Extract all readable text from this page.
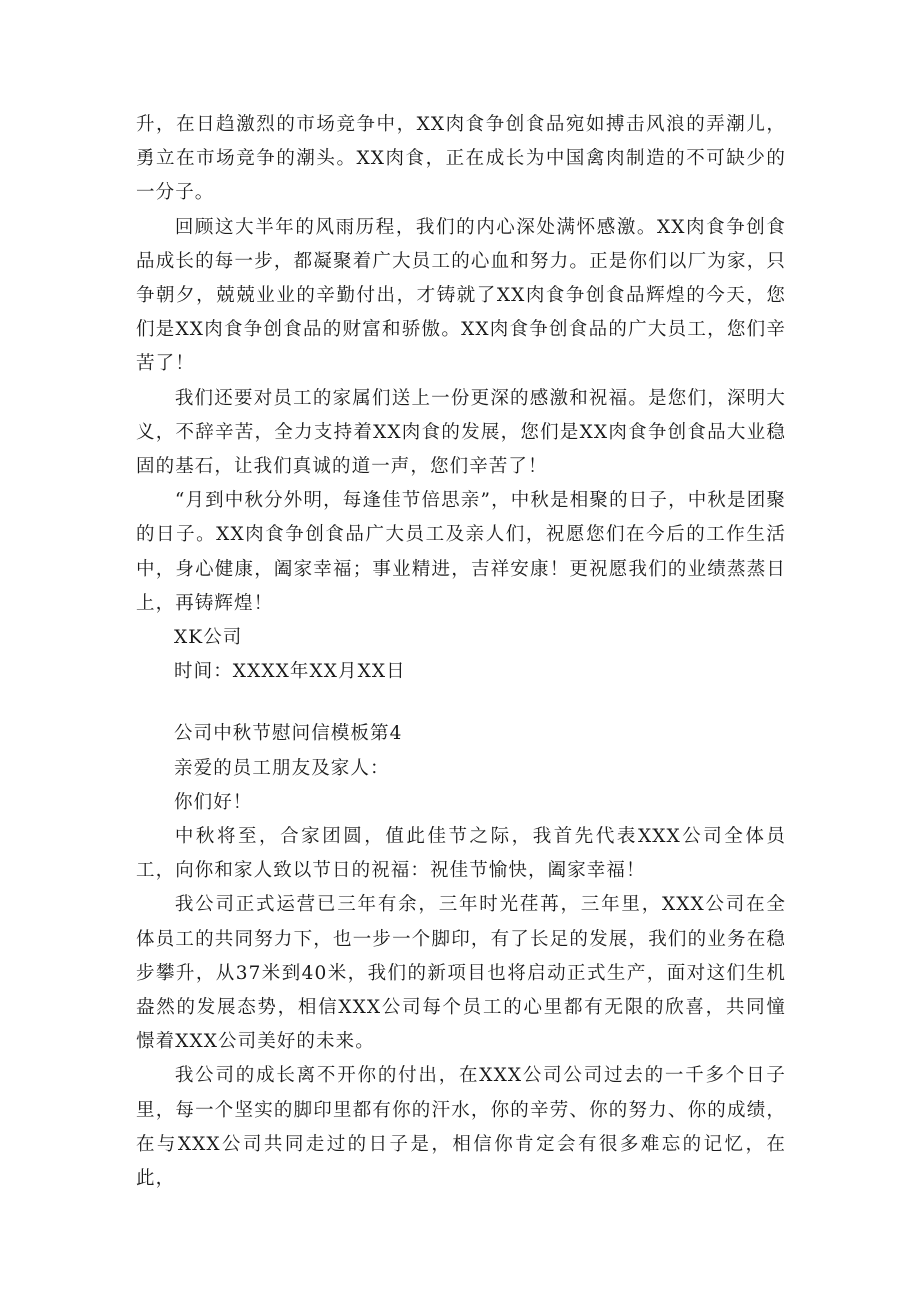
升，在日趋激烈的市场竞争中，XX肉食争创食品宛如搏击风浪的弄潮儿，勇立在市场竞争的潮头。XX肉食，正在成长为中国禽肉制造的不可缺少的一分子。

回顾这大半年的风雨历程，我们的内心深处满怀感激。XX肉食争创食品成长的每一步，都凝聚着广大员工的心血和努力。正是你们以厂为家，只争朝夕，兢兢业业的辛勤付出，才铸就了XX肉食争创食品辉煌的今天，您们是XX肉食争创食品的财富和骄傲。XX肉食争创食品的广大员工，您们辛苦了！

我们还要对员工的家属们送上一份更深的感激和祝福。是您们，深明大义，不辞辛苦，全力支持着XX肉食的发展，您们是XX肉食争创食品大业稳固的基石，让我们真诚的道一声，您们辛苦了！

“月到中秋分外明，每逢佳节倍思亲”，中秋是相聚的日子，中秋是团聚的日子。XX肉食争创食品广大员工及亲人们，祝愿您们在今后的工作生活中，身心健康，阖家幸福；事业精进，吉祥安康！更祝愿我们的业绩蒸蒸日上，再铸辉煌！

XK公司

时间：XXXX年XX月XX日

公司中秋节慰问信模板第4

亲爱的员工朋友及家人：

你们好！

中秋将至，合家团圆，值此佳节之际，我首先代表XXX公司全体员工，向你和家人致以节日的祝福：祝佳节愉快，阖家幸福！

我公司正式运营已三年有余，三年时光荏苒，三年里，XXX公司在全体员工的共同努力下，也一步一个脚印，有了长足的发展，我们的业务在稳步攀升，从37米到40米，我们的新项目也将启动正式生产，面对这们生机盎然的发展态势，相信XXX公司每个员工的心里都有无限的欣喜，共同憧憬着XXX公司美好的未来。

我公司的成长离不开你的付出，在XXX公司公司过去的一千多个日子里，每一个坚实的脚印里都有你的汗水，你的辛劳、你的努力、你的成绩，在与XXX公司共同走过的日子是，相信你肯定会有很多难忘的记忆，在此，
